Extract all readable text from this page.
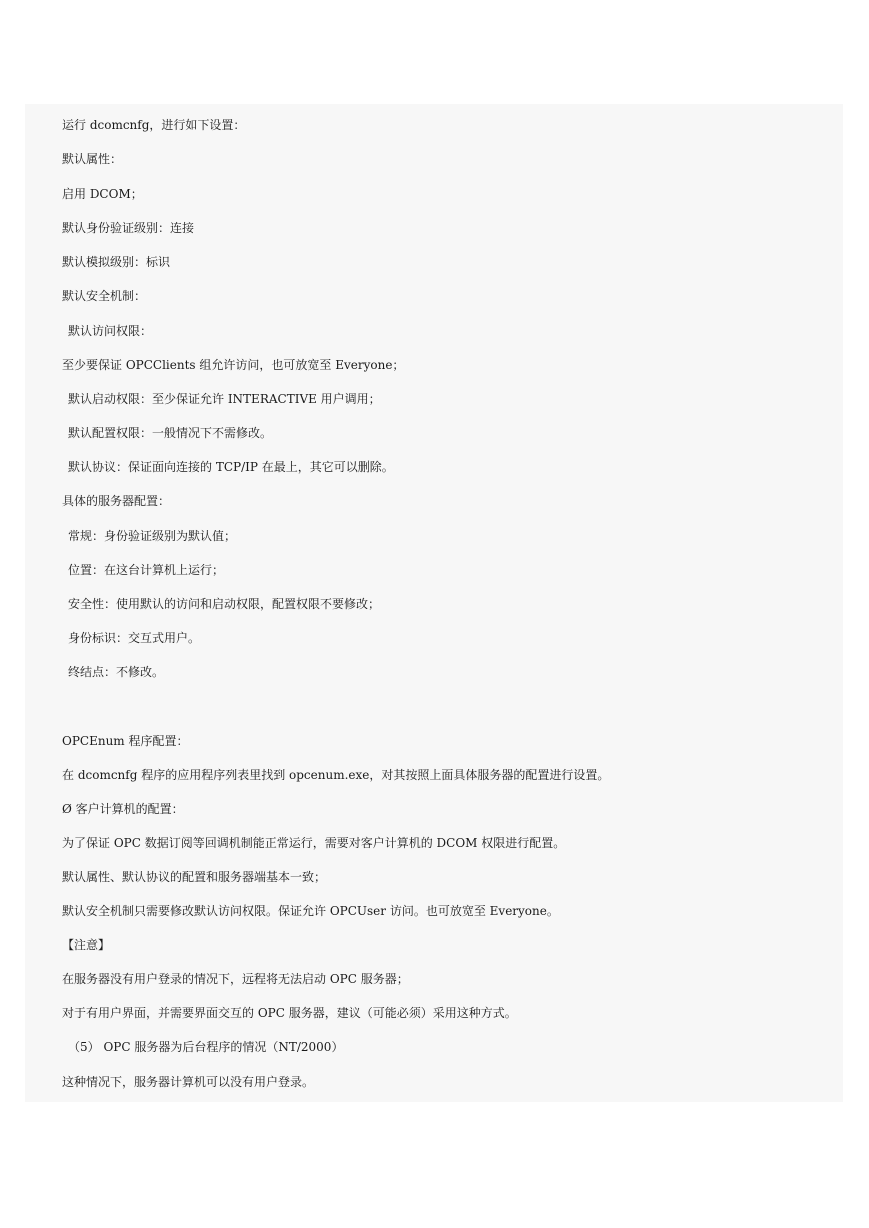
运行 dcomcnfg，进行如下设置：
默认属性：
启用 DCOM；
默认身份验证级别：连接
默认模拟级别：标识
默认安全机制：
默认访问权限：
至少要保证 OPCClients 组允许访问，也可放宽至 Everyone；
默认启动权限：至少保证允许 INTERACTIVE 用户调用；
默认配置权限：一般情况下不需修改。
默认协议：保证面向连接的 TCP/IP 在最上，其它可以删除。
具体的服务器配置：
常规：身份验证级别为默认值；
位置：在这台计算机上运行；
安全性：使用默认的访问和启动权限，配置权限不要修改；
身份标识：交互式用户。
终结点：不修改。
OPCEnum 程序配置：
在 dcomcnfg 程序的应用程序列表里找到 opcenum.exe，对其按照上面具体服务器的配置进行设置。
Ø 客户计算机的配置：
为了保证 OPC 数据订阅等回调机制能正常运行，需要对客户计算机的 DCOM 权限进行配置。
默认属性、默认协议的配置和服务器端基本一致；
默认安全机制只需要修改默认访问权限。保证允许 OPCUser 访问。也可放宽至 Everyone。
【注意】
在服务器没有用户登录的情况下，远程将无法启动 OPC 服务器；
对于有用户界面，并需要界面交互的 OPC 服务器，建议（可能必须）采用这种方式。
（5） OPC 服务器为后台程序的情况（NT/2000）
这种情况下，服务器计算机可以没有用户登录。
